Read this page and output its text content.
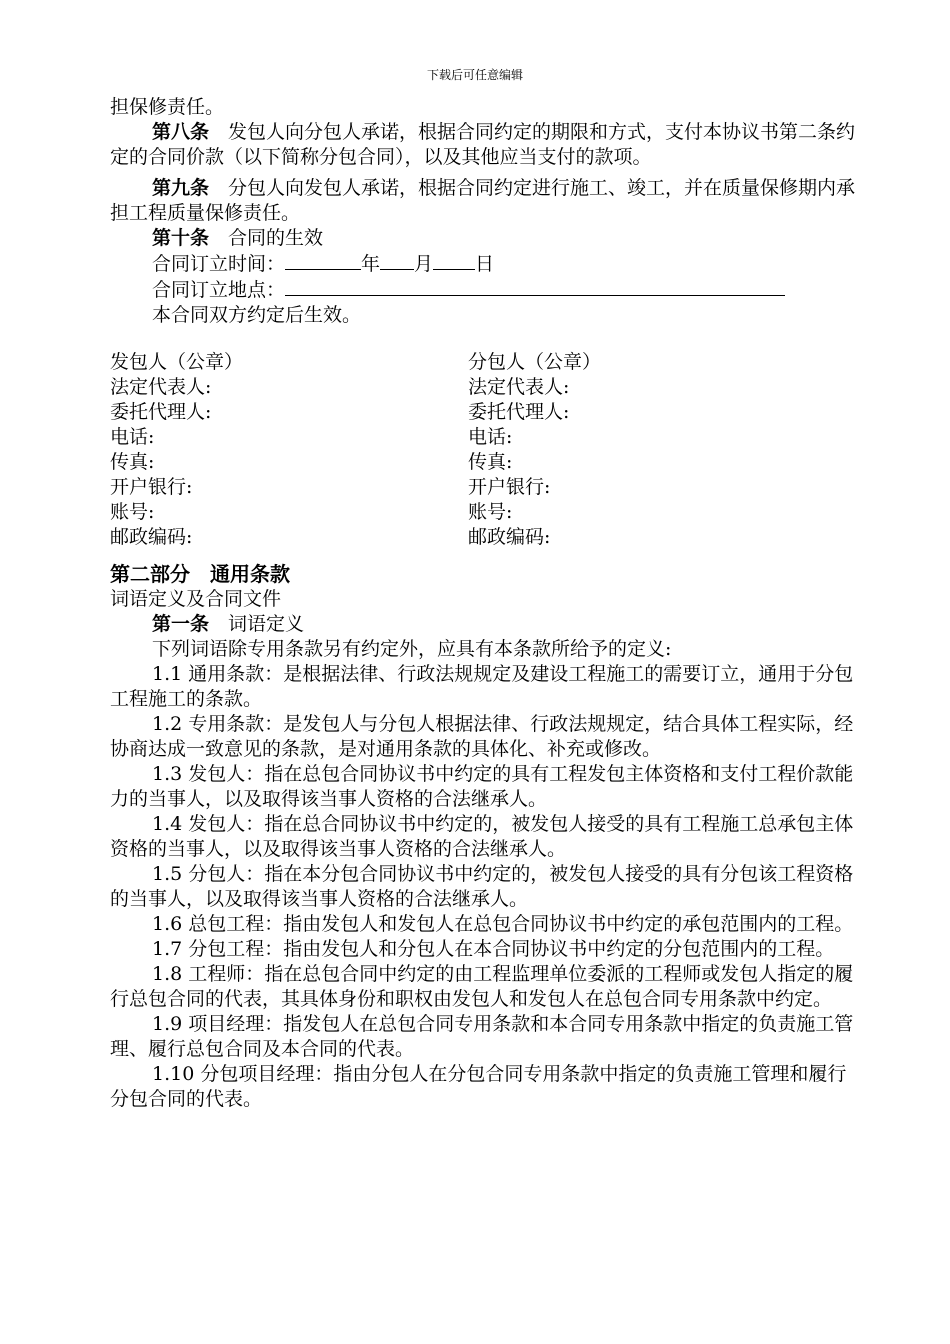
下载后可任意编辑

担保修责任。

第八条　 发包人向分包人承诺，根据合同约定的期限和方式，支付本协议书第二条约定的合同价款（以下简称分包合同），以及其他应当支付的款项。

第九条　 分包人向发包人承诺，根据合同约定进行施工、竣工，并在质量保修期内承担工程质量保修责任。

第十条　 合同的生效

合同订立时间：	年 月 日

合同订立地点：

本合同双方约定后生效。

发包人（公章）	分包人（公章）
法定代表人:	法定代表人:
委托代理人:	委托代理人:
电话:	电话:
传真:	传真:
开户银行:	开户银行:
账号:	账号:
邮政编码:	邮政编码:

第二部分　通用条款

词语定义及合同文件

第一条　 词语定义

下列词语除专用条款另有约定外，应具有本条款所给予的定义:

1.1 通用条款：是根据法律、行政法规规定及建设工程施工的需要订立，通用于分包工程施工的条款。

1.2 专用条款：是发包人与分包人根据法律、行政法规规定，结合具体工程实际，经协商达成一致意见的条款，是对通用条款的具体化、补充或修改。

1.3 发包人：指在总包合同协议书中约定的具有工程发包主体资格和支付工程价款能力的当事人，以及取得该当事人资格的合法继承人。

1.4 发包人：指在总合同协议书中约定的，被发包人接受的具有工程施工总承包主体资格的当事人，以及取得该当事人资格的合法继承人。

1.5 分包人：指在本分包合同协议书中约定的，被发包人接受的具有分包该工程资格的当事人，以及取得该当事人资格的合法继承人。

1.6 总包工程：指由发包人和发包人在总包合同协议书中约定的承包范围内的工程。

1.7 分包工程：指由发包人和分包人在本合同协议书中约定的分包范围内的工程。

1.8 工程师：指在总包合同中约定的由工程监理单位委派的工程师或发包人指定的履行总包合同的代表，其具体身份和职权由发包人和发包人在总包合同专用条款中约定。

1.9 项目经理：指发包人在总包合同专用条款和本合同专用条款中指定的负责施工管理、履行总包合同及本合同的代表。

1.10 分包项目经理：指由分包人在分包合同专用条款中指定的负责施工管理和履行分包合同的代表。
